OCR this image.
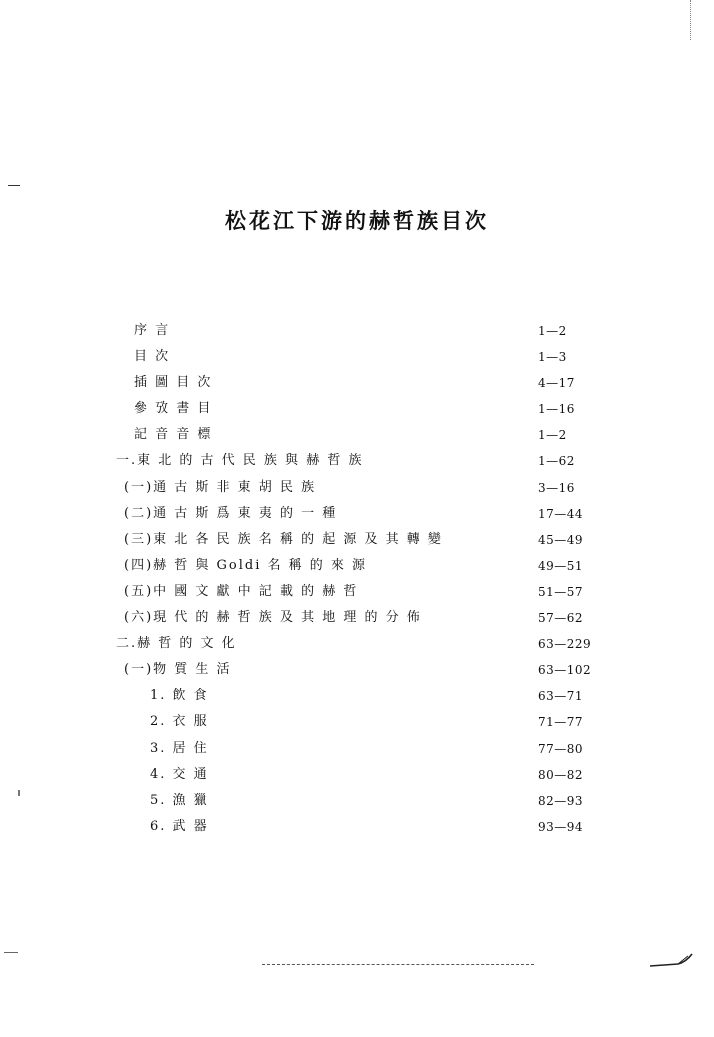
松花江下游的赫哲族目次
序 言	1—2
目 次	1—3
插 圖 目 次	4—17
參 攷 書 目	1—16
記 音 音 標	1—2
一.東 北 的 古 代 民 族 與 赫 哲 族	1—62
(一)通 古 斯 非 東 胡 民 族	3—16
(二)通 古 斯 爲 東 夷 的 一 種	17—44
(三)東 北 各 民 族 名 稱 的 起 源 及 其 轉 變	45—49
(四)赫 哲 與 Goldi 名 稱 的 來 源	49—51
(五)中 國 文 獻 中 記 載 的 赫 哲	51—57
(六)現 代 的 赫 哲 族 及 其 地 理 的 分 佈	57—62
二.赫 哲 的 文 化	63—229
(一)物 質 生 活	63—102
1. 飲 食	63—71
2. 衣 服	71—77
3. 居 住	77—80
4. 交 通	80—82
5. 漁 獵	82—93
6. 武 器	93—94
